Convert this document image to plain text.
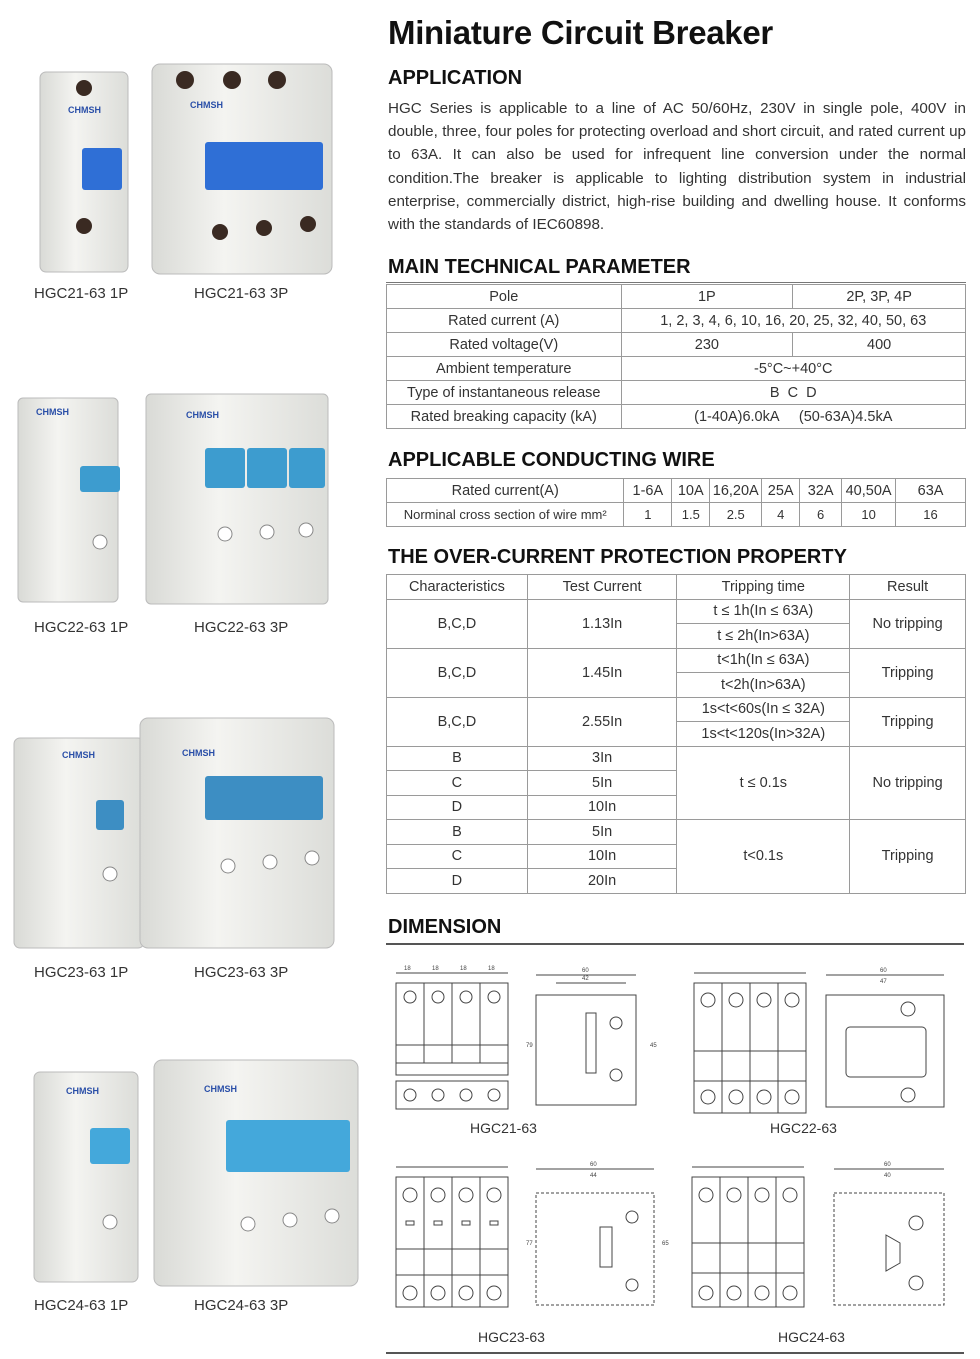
CHMSH	CHMSH
CHMSH	CHMSH
CHMSH	CHMSH
CHMSH	CHMSH
HGC21-63 1P	HGC21-63 3P
HGC22-63 1P	HGC22-63 3P
HGC23-63 1P	HGC23-63 3P
HGC24-63 1P	HGC24-63 3P
Miniature Circuit Breaker
APPLICATION
HGC Series is applicable to a line of AC 50/60Hz, 230V in single pole, 400V in double, three, four poles for protecting overload and short circuit, and rated current up to 63A. It can also be used for infrequent line conversion under the normal condition.The breaker is applicable to lighting distribution system in industrial enterprise, commercially district, high-rise building and dwelling house. It conforms with the standards of IEC60898.
MAIN TECHNICAL PARAMETER
Pole	1P	2P, 3P, 4P
Rated current (A)	1, 2, 3, 4, 6, 10, 16, 20, 25, 32, 40, 50, 63	
Rated voltage(V)	230	400
Ambient temperature	-5°C~+40°C	
Type of instantaneous release	B  C  D	
Rated breaking capacity (kA)	(1-40A)6.0kA     (50-63A)4.5kA	
APPLICABLE CONDUCTING WIRE
Rated current(A)	1-6A	10A	16,20A	25A	32A	40,50A	63A
Norminal cross section of wire mm²	1	1.5	2.5	4	6	10	16
THE OVER-CURRENT PROTECTION PROPERTY
Characteristics	Test Current	Tripping time	Result
B,C,D	1.13In	t ≤ 1h(In ≤ 63A)	No tripping
		t ≤ 2h(In>63A)	
B,C,D	1.45In	t<1h(In ≤ 63A)	Tripping
		t<2h(In>63A)	
B,C,D	2.55In	1s<t<60s(In ≤ 32A)	Tripping
		1s<t<120s(In>32A)	
B	3In	t ≤ 0.1s	No tripping
C	5In		
D	10In		
B	5In	t<0.1s	Tripping
C	10In		
D	20In		
DIMENSION
18	18	18	18	60
42
79	45
HGC21-63
60
47
HGC22-63
60
44
77	65
HGC23-63
60
40
HGC24-63
